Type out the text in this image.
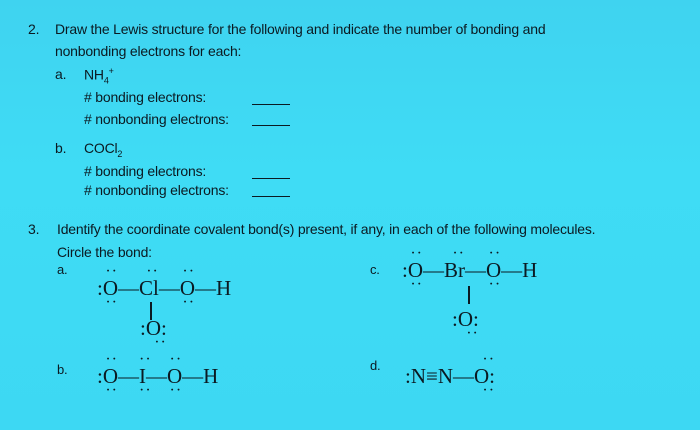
2. Draw the Lewis structure for the following and indicate the number of bonding and
nonbonding electrons for each:
a. $NH_4^+$
# bonding electrons:
# nonbonding electrons:
b. COCl$_2$
# bonding electrons:
# nonbonding electrons:
3. Identify the coordinate covalent bond(s) present, if any, in each of the following molecules.
Circle the bond:
a.
·· :O ··—·· Cl—·· O ··—H
:O: ··
b. ·· :O ··—·· I ··—·· O ··—H
c. ·· :O ··—·· Br—·· O ··—H
:O: ··
d. :N≡N—·· O: ··
